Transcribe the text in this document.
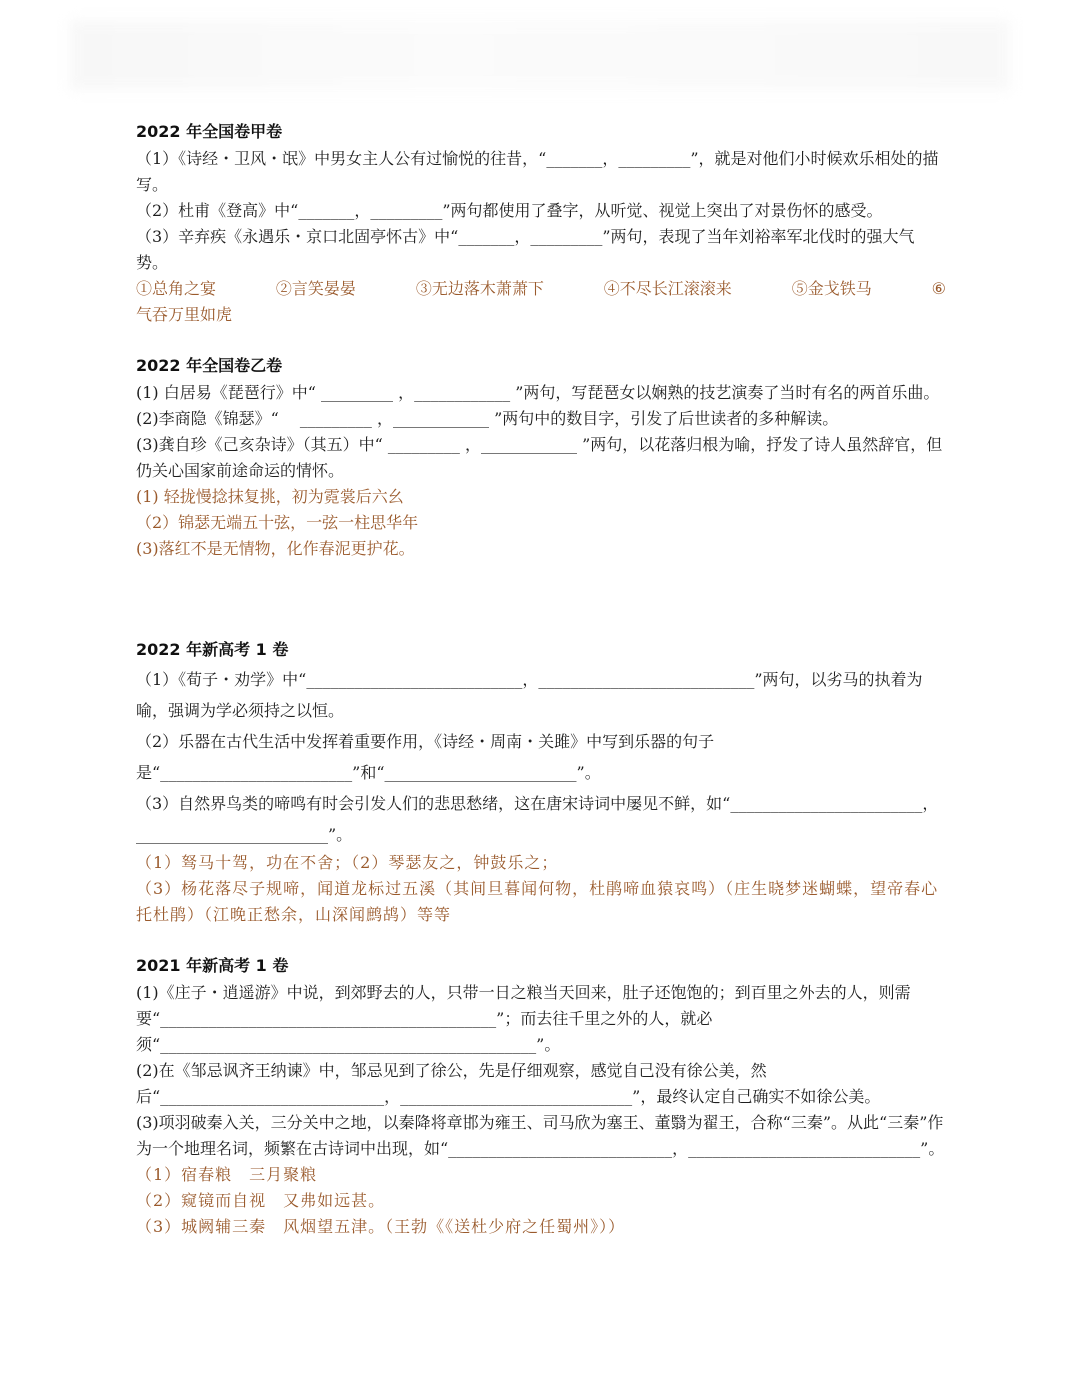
2022 年全国卷甲卷

（1）《诗经・卫风・氓》中男女主人公有过愉悦的往昔，“_______，_________”，就是对他们小时候欢乐相处的描写。

（2）杜甫《登高》中“_______，_________”两句都使用了叠字，从听觉、视觉上突出了对景伤怀的感受。

（3）辛弃疾《永遇乐・京口北固亭怀古》中“_______，_________”两句，表现了当年刘裕率军北伐时的强大气势。

①总角之宴	②言笑晏晏	③无边落木萧萧下	④不尽长江滚滚来	⑤金戈铁马	⑥

气吞万里如虎

2022 年全国卷乙卷

(1) 白居易《琵琶行》中“ _________ ，____________ ”两句，写琵琶女以娴熟的技艺演奏了当时有名的两首乐曲。

(2)李商隐《锦瑟》“　 _________ ，____________ ”两句中的数目字，引发了后世读者的多种解读。

(3)龚自珍《己亥杂诗》（其五）中“ _________ ，____________ ”两句，以花落归根为喻，抒发了诗人虽然辞官，但仍关心国家前途命运的情怀。

(1) 轻拢慢捻抹复挑，初为霓裳后六幺

（2）锦瑟无端五十弦，一弦一柱思华年

(3)落红不是无情物，化作春泥更护花。

2022 年新高考 1 卷

（1）《荀子・劝学》中“___________________________，___________________________”两句，以劣马的执着为喻，强调为学必须持之以恒。

（2）乐器在古代生活中发挥着重要作用，《诗经・周南・关雎》中写到乐器的句子是“________________________”和“________________________”。

（3）自然界鸟类的啼鸣有时会引发人们的悲思愁绪，这在唐宋诗词中屡见不鲜，如“________________________，________________________”。

（1）驽马十驾，功在不舍；（2）琴瑟友之，钟鼓乐之；

（3）杨花落尽子规啼，闻道龙标过五溪（其间旦暮闻何物，杜鹃啼血猿哀鸣）（庄生晓梦迷蝴蝶，望帝春心托杜鹃）（江晚正愁余，山深闻鹧鸪）等等

2021 年新高考 1 卷

(1)《庄子・逍遥游》中说，到郊野去的人，只带一日之粮当天回来，肚子还饱饱的；到百里之外去的人，则需要“__________________________________________”；而去往千里之外的人，就必须“_______________________________________________”。

(2)在《邹忌讽齐王纳谏》中，邹忌见到了徐公，先是仔细观察，感觉自己没有徐公美，然后“____________________________，_____________________________”，最终认定自己确实不如徐公美。

(3)项羽破秦入关，三分关中之地，以秦降将章邯为雍王、司马欣为塞王、董翳为翟王，合称“三秦”。从此“三秦”作为一个地理名词，频繁在古诗词中出现，如“____________________________，_____________________________”。

（1）宿春粮　三月聚粮

（2）窥镜而自视　又弗如远甚。

（3）城阙辅三秦　风烟望五津。（王勃《《送杜少府之任蜀州》））
